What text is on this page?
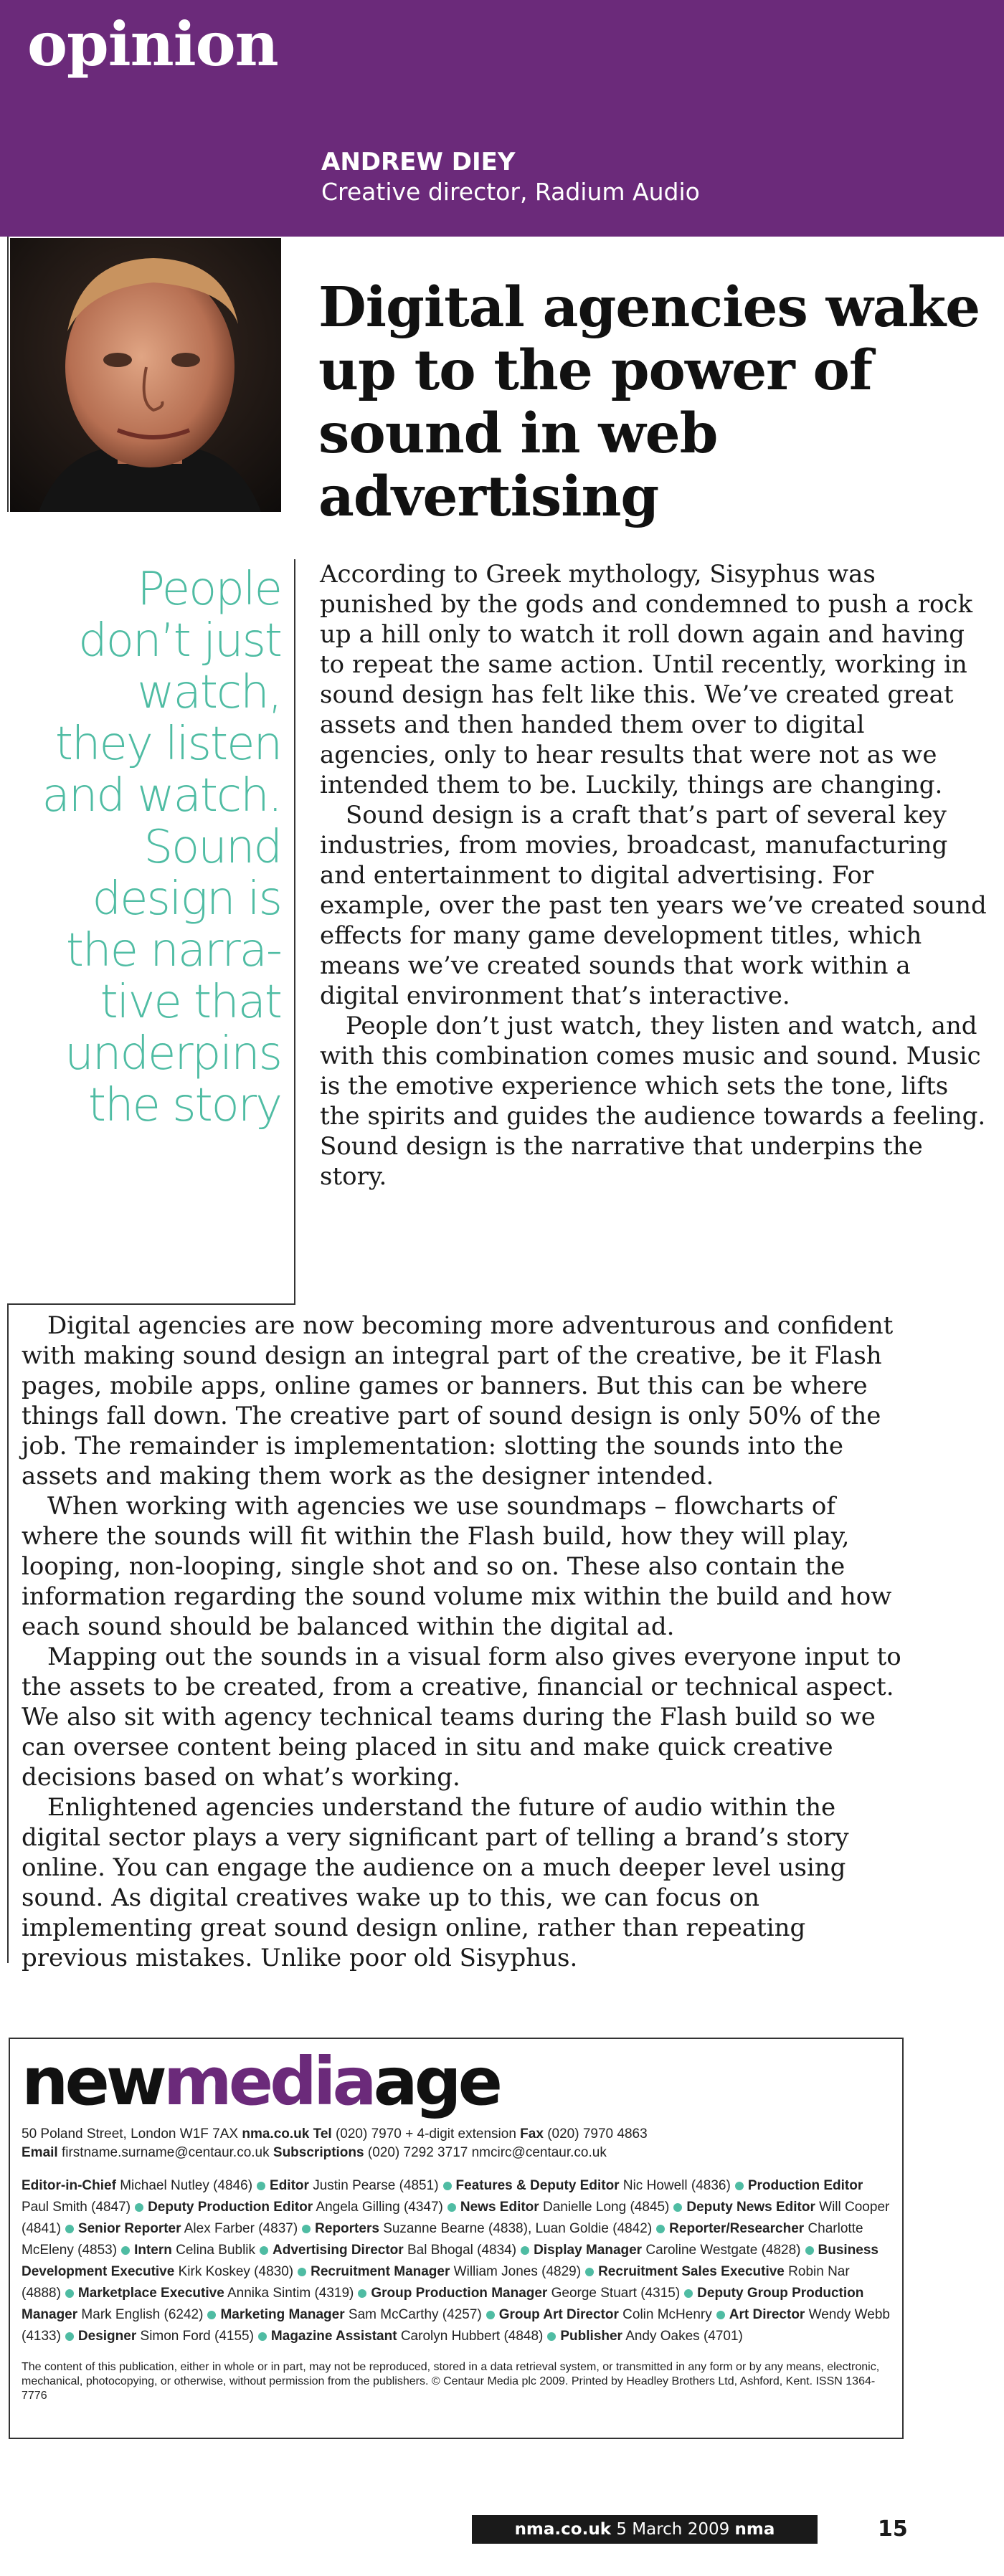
opinion
ANDREW DIEY
Creative director, Radium Audio
Digital agencies wake up to the power of sound in web advertising
People
don’t just
watch,
they listen
and watch.
Sound
design is
the narra-
tive that
underpins
the story

According to Greek mythology, Sisyphus was punished by the gods and condemned to push a rock up a hill only to watch it roll down again and having to repeat the same action. Until recently, working in sound design has felt like this. We’ve created great assets and then handed them over to digital agencies, only to hear results that were not as we intended them to be. Luckily, things are changing.

Sound design is a craft that’s part of several key industries, from movies, broadcast, manufacturing and entertainment to digital advertising. For example, over the past ten years we’ve created sound effects for many game development titles, which means we’ve created sounds that work within a digital environment that’s interactive.

People don’t just watch, they listen and watch, and with this combination comes music and sound. Music is the emotive experience which sets the tone, lifts the spirits and guides the audience towards a feeling. Sound design is the narrative that underpins the story.

Digital agencies are now becoming more adventurous and confident with making sound design an integral part of the creative, be it Flash pages, mobile apps, online games or banners. But this can be where things fall down. The creative part of sound design is only 50% of the job. The remainder is implementation: slotting the sounds into the assets and making them work as the designer intended.

When working with agencies we use soundmaps – flowcharts of where the sounds will fit within the Flash build, how they will play, looping, non-looping, single shot and so on. These also contain the information regarding the sound volume mix within the build and how each sound should be balanced within the digital ad.

Mapping out the sounds in a visual form also gives everyone input to the assets to be created, from a creative, financial or technical aspect. We also sit with agency technical teams during the Flash build so we can oversee content being placed in situ and make quick creative decisions based on what’s working.

Enlightened agencies understand the future of audio within the digital sector plays a very significant part of telling a brand’s story online. You can engage the audience on a much deeper level using sound. As digital creatives wake up to this, we can focus on implementing great sound design online, rather than repeating previous mistakes. Unlike poor old Sisyphus.

newmediaage
50 Poland Street, London W1F 7AX nma.co.uk Tel (020) 7970 + 4-digit extension Fax (020) 7970 4863
Email firstname.surname@centaur.co.uk Subscriptions (020) 7292 3717 nmcirc@centaur.co.uk
Editor-in-Chief Michael Nutley (4846) Editor Justin Pearse (4851) Features & Deputy Editor Nic Howell (4836) Production Editor Paul Smith (4847) Deputy Production Editor Angela Gilling (4347) News Editor Danielle Long (4845) Deputy News Editor Will Cooper (4841) Senior Reporter Alex Farber (4837) Reporters Suzanne Bearne (4838), Luan Goldie (4842) Reporter/Researcher Charlotte McEleny (4853) Intern Celina Bublik Advertising Director Bal Bhogal (4834) Display Manager Caroline Westgate (4828) Business Development Executive Kirk Koskey (4830) Recruitment Manager William Jones (4829) Recruitment Sales Executive Robin Nar (4888) Marketplace Executive Annika Sintim (4319) Group Production Manager George Stuart (4315) Deputy Group Production Manager Mark English (6242) Marketing Manager Sam McCarthy (4257) Group Art Director Colin McHenry Art Director Wendy Webb (4133) Designer Simon Ford (4155) Magazine Assistant Carolyn Hubbert (4848) Publisher Andy Oakes (4701)
The content of this publication, either in whole or in part, may not be reproduced, stored in a data retrieval system, or transmitted in any form or by any means, electronic, mechanical, photocopying, or otherwise, without permission from the publishers. © Centaur Media plc 2009. Printed by Headley Brothers Ltd, Ashford, Kent. ISSN 1364-7776
nma.co.uk 5 March 2009 nma	15
